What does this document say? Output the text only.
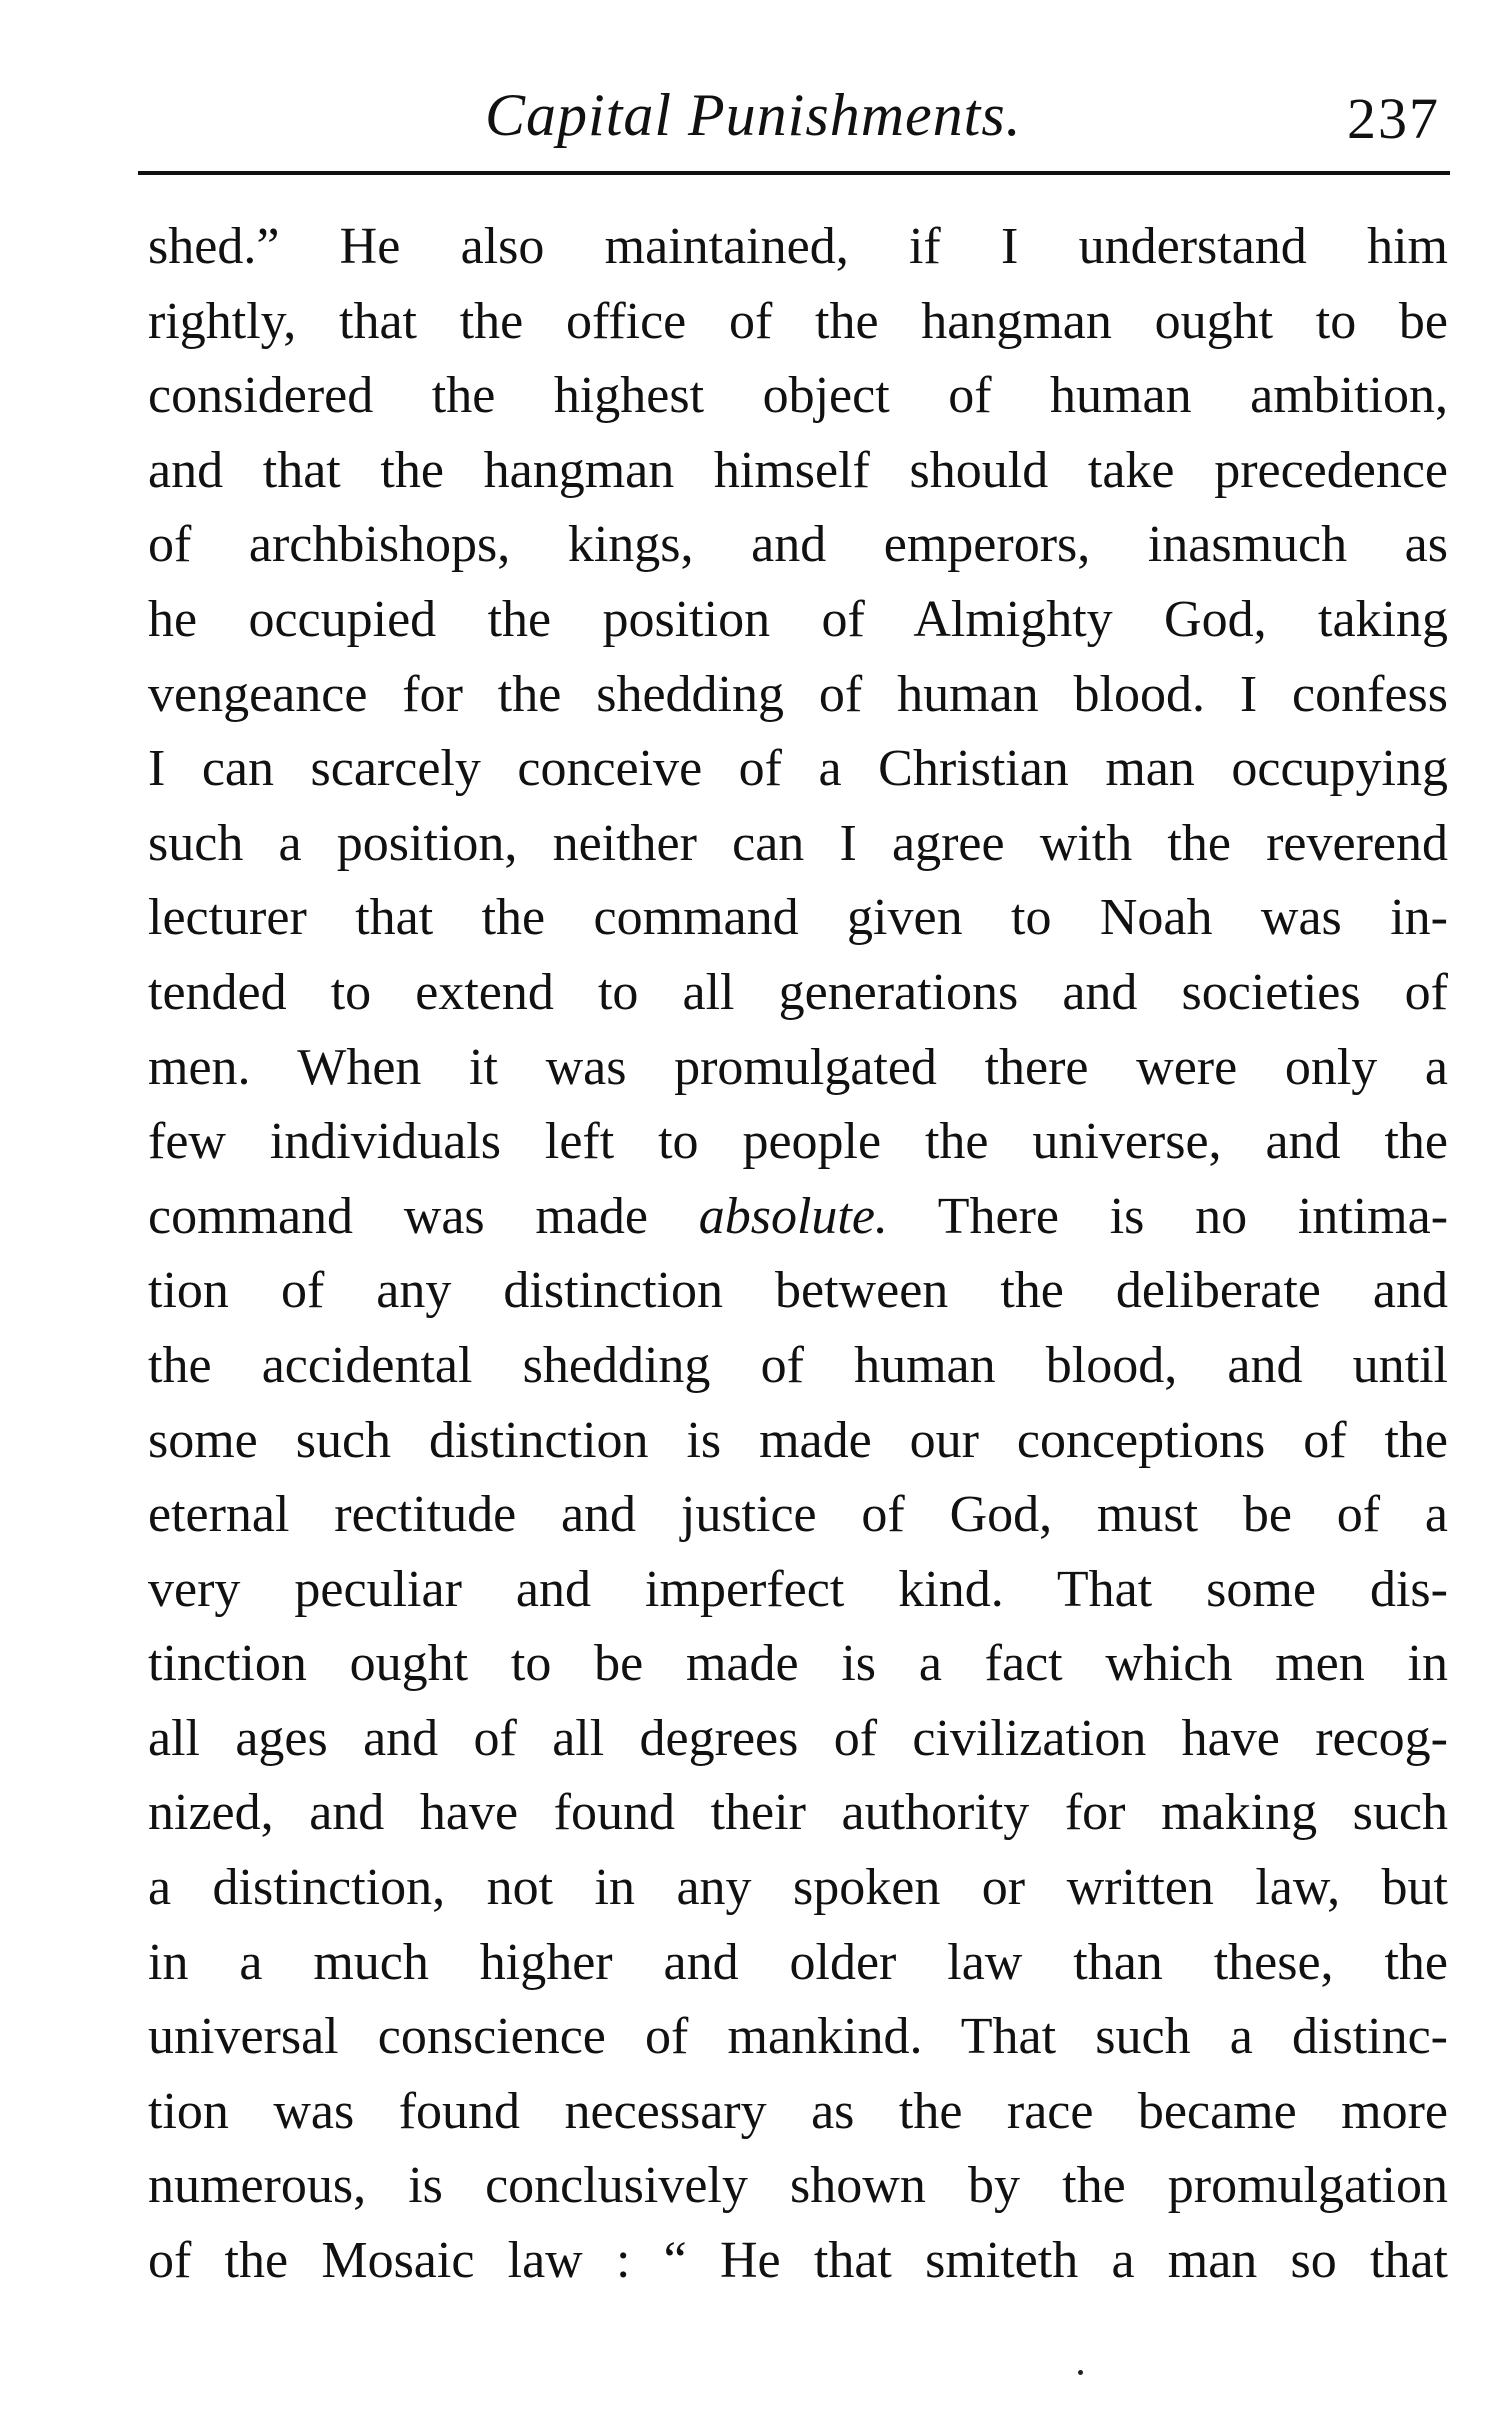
Capital Punishments.	237
shed.” He also maintained, if I understand him
rightly, that the office of the hangman ought to be
considered the highest object of human ambition,
and that the hangman himself should take precedence
of archbishops, kings, and emperors, inasmuch as
he occupied the position of Almighty God, taking
vengeance for the shedding of human blood. I confess
I can scarcely conceive of a Christian man occupying
such a position, neither can I agree with the reverend
lecturer that the command given to Noah was in-
tended to extend to all generations and societies of
men. When it was promulgated there were only a
few individuals left to people the universe, and the
command was made absolute. There is no intima-
tion of any distinction between the deliberate and
the accidental shedding of human blood, and until
some such distinction is made our conceptions of the
eternal rectitude and justice of God, must be of a
very peculiar and imperfect kind. That some dis-
tinction ought to be made is a fact which men in
all ages and of all degrees of civilization have recog-
nized, and have found their authority for making such
a distinction, not in any spoken or written law, but
in a much higher and older law than these, the
universal conscience of mankind. That such a distinc-
tion was found necessary as the race became more
numerous, is conclusively shown by the promulgation
of the Mosaic law : “ He that smiteth a man so that
